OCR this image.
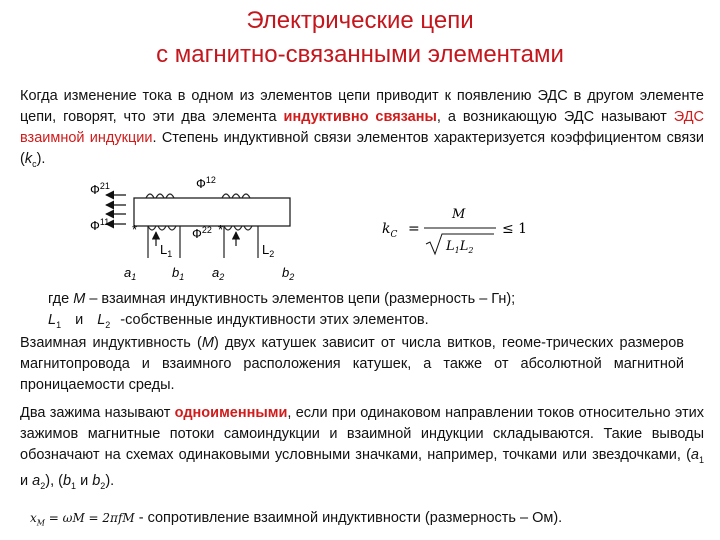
Электрические цепи
с магнитно-связанными элементами
Когда изменение тока в одном из элементов цепи приводит к появлению ЭДС в другом элементе цепи, говорят, что эти два элемента индуктивно связаны, а возникающую ЭДС называют ЭДС взаимной индукции. Степень индуктивной связи элементов характеризуется коэффициентом связи $(k_c)$.
$Ф^{21}$	$Ф^{12}$
$Ф^{11}$
$Ф^{22}$
*	*
$L_1$	$L_2$
$a_1$	$b_1$ $a_2$	$b_2$
$k_C$ =
M
$L_1L_2$
≤ 1
где M – взаимная индуктивность элементов цепи (размерность – Гн);
$L_1$ и $L_2$ -собственные индуктивности этих элементов.
Взаимная индуктивность (M) двух катушек зависит от числа витков, геоме-трических размеров магнитопровода и взаимного расположения катушек, а также от абсолютной магнитной проницаемости среды.
Два зажима называют одноименными, если при одинаковом направлении токов относительно этих зажимов магнитные потоки самоиндукции и взаимной индукции складываются. Такие выводы обозначают на схемах одинаковыми условными значками, например, точками или звездочками, ($a_1$ и $a_2$), ($b_1$ и $b_2$).
$x_M = \omega M = 2\pi fM$ - сопротивление взаимной индуктивности (размерность – Ом).
